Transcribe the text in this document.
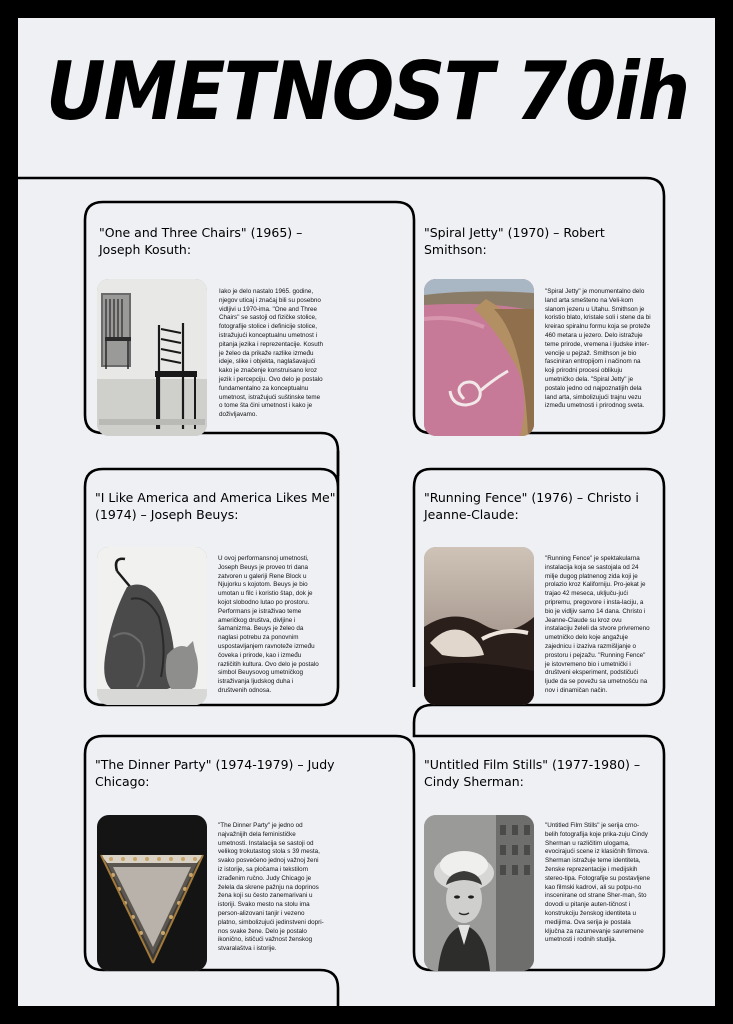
UMETNOST 70ih
"One and Three Chairs" (1965) – Joseph Kosuth:
Iako je delo nastalo 1965. godine, njegov uticaj i značaj bili su posebno vidljivi u 1970-ima. "One and Three Chairs" se sastoji od fizičke stolice, fotografije stolice i definicije stolice, istražujući konceptualnu umetnost i pitanja jezika i reprezentacije. Kosuth je želeo da prikaže razlike između ideje, slike i objekta, naglašavajući kako je značenje konstruisano kroz jezik i percepciju. Ovo delo je postalo fundamentalno za konceptualnu umetnost, istražujući suštinske teme o tome šta čini umetnost i kako je doživljavamo.
"Spiral Jetty" (1970) – Robert Smithson:
"Spiral Jetty" je monumentalno delo land arta smešteno na Veli-kom slanom jezeru u Utahu. Smithson je koristio blato, kristale soli i stene da bi kreirao spiralnu formu koja se proteže 460 metara u jezero. Delo istražuje teme prirode, vremena i ljudske inter-vencije u pejzaž. Smithson je bio fasciniran entropijom i načinom na koji prirodni procesi oblikuju umetničko dela. "Spiral Jetty" je postalo jedno od najpoznatijih dela land arta, simbolizujući trajnu vezu između umetnosti i prirodnog sveta.
"I Like America and America Likes Me" (1974) – Joseph Beuys:
U ovoj performansnoj umetnosti, Joseph Beuys je proveo tri dana zatvoren u galeriji Rene Block u Njujorku s kojotom. Beuys je bio umotan u filc i koristio štap, dok je kojot slobodno lutao po prostoru. Performans je istraživao teme američkog društva, divljine i šamanizma. Beuys je želeo da naglasi potrebu za ponovnim uspostavljanjem ravnoteže između čoveka i prirode, kao i između različitih kultura. Ovo delo je postalo simbol Beuysovog umetničkog istraživanja ljudskog duha i društvenih odnosa.
"Running Fence" (1976) – Christo i Jeanne-Claude:
"Running Fence" je spektakularna instalacija koja se sastojala od 24 milje dugog platnenog zida koji je prolazio kroz Kaliforniju. Pro-jekat je trajao 42 meseca, uključu-jući pripremu, pregovore i insta-laciju, a bio je vidljiv samo 14 dana. Christo i Jeanne-Claude su kroz ovu instalaciju želeli da stvore privremeno umetničko delo koje angažuje zajednicu i izaziva razmišljanje o prostoru i pejzažu. "Running Fence" je istovremeno bio i umetnički i društveni eksperiment, podstičući ljude da se povežu sa umetnošću na nov i dinamičan način.
"The Dinner Party" (1974-1979) – Judy Chicago:
"The Dinner Party" je jedno od najvažnijih dela feminističke umetnosti. Instalacija se sastoji od velikog trokutastog stola s 39 mesta, svako posvećeno jednoj važnoj ženi iz istorije, sa pločama i tekstilom izrađenim ručno. Judy Chicago je želela da skrene pažnju na doprinos žena koji su često zanemarivani u istoriji. Svako mesto na stolu ima person-alizovani tanjir i vezeno platno, simbolizujući jedinstveni dopri-nos svake žene. Delo je postalo ikonično, ističući važnost ženskog stvaralaštva i istorije.
"Untitled Film Stills" (1977-1980) – Cindy Sherman:
"Untitled Film Stills" je serija crno-belih fotografija koje prika-zuju Cindy Sherman u različitim ulogama, evocirajući scene iz klasičnih filmova. Sherman istražuje teme identiteta, ženske reprezentacije i medijskih stereo-tipa. Fotografije su postavljene kao filmski kadrovi, ali su potpu-no inscenirane od strane Sher-man, što dovodi u pitanje auten-tičnost i konstrukciju ženskog identiteta u medijima. Ova serija je postala ključna za razumevanje savremene umetnosti i rodnih studija.
